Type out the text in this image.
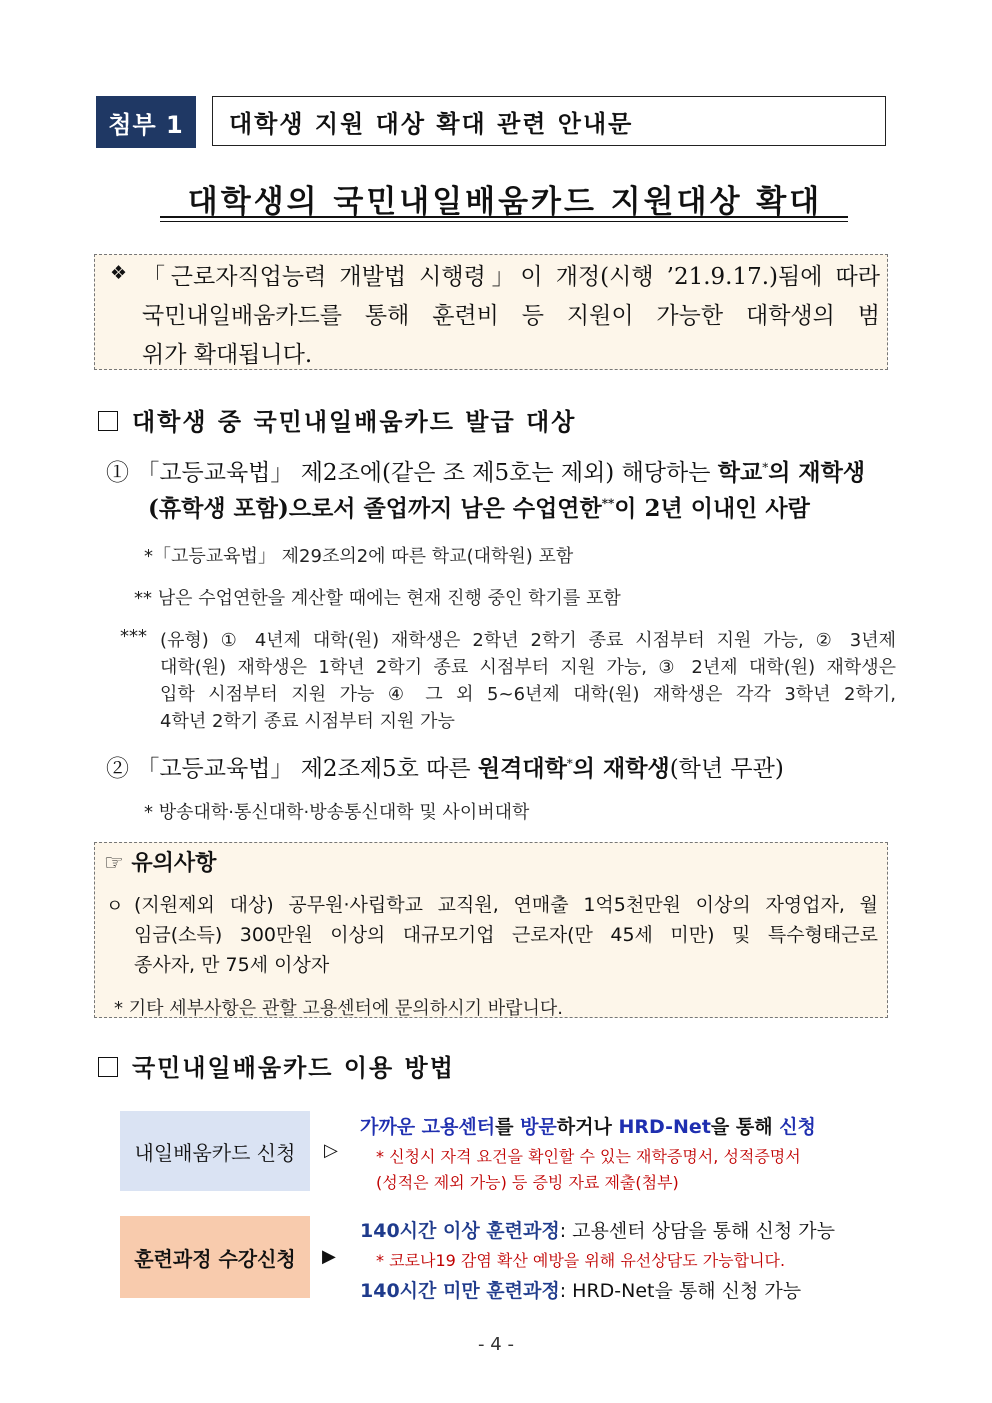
첨부 1	대학생 지원 대상 확대 관련 안내문
대학생의 국민내일배움카드 지원대상 확대
❖ 「근로자직업능력 개발법 시행령」이 개정(시행 ’21.9.17.)됨에 따라
국민내일배움카드를 통해 훈련비 등 지원이 가능한 대학생의 범
위가 확대됩니다.
대학생 중 국민내일배움카드 발급 대상
① 「고등교육법」 제2조에(같은 조 제5호는 제외) 해당하는 학교*의 재학생
(휴학생 포함)으로서 졸업까지 남은 수업연한**이 2년 이내인 사람
*「고등교육법」 제29조의2에 따른 학교(대학원) 포함
** 남은 수업연한을 계산할 때에는 현재 진행 중인 학기를 포함
*** (유형) ① 4년제 대학(원) 재학생은 2학년 2학기 종료 시점부터 지원 가능, ② 3년제
대학(원) 재학생은 1학년 2학기 종료 시점부터 지원 가능, ③ 2년제 대학(원) 재학생은
입학 시점부터 지원 가능 ④ 그 외 5~6년제 대학(원) 재학생은 각각 3학년 2학기,
4학년 2학기 종료 시점부터 지원 가능
② 「고등교육법」 제2조제5호 따른 원격대학*의 재학생(학년 무관)
* 방송대학·통신대학·방송통신대학 및 사이버대학
☞ 유의사항
ㅇ (지원제외 대상) 공무원·사립학교 교직원, 연매출 1억5천만원 이상의 자영업자, 월
임금(소득) 300만원 이상의 대규모기업 근로자(만 45세 미만) 및 특수형태근로
종사자, 만 75세 이상자
* 기타 세부사항은 관할 고용센터에 문의하시기 바랍니다.
국민내일배움카드 이용 방법
내일배움카드 신청	▷
가까운 고용센터를 방문하거나 HRD-Net을 통해 신청
* 신청시 자격 요건을 확인할 수 있는 재학증명서, 성적증명서
(성적은 제외 가능) 등 증빙 자료 제출(첨부)
훈련과정 수강신청	▶
140시간 이상 훈련과정: 고용센터 상담을 통해 신청 가능
* 코로나19 감염 확산 예방을 위해 유선상담도 가능합니다.
140시간 미만 훈련과정: HRD-Net을 통해 신청 가능
- 4 -
